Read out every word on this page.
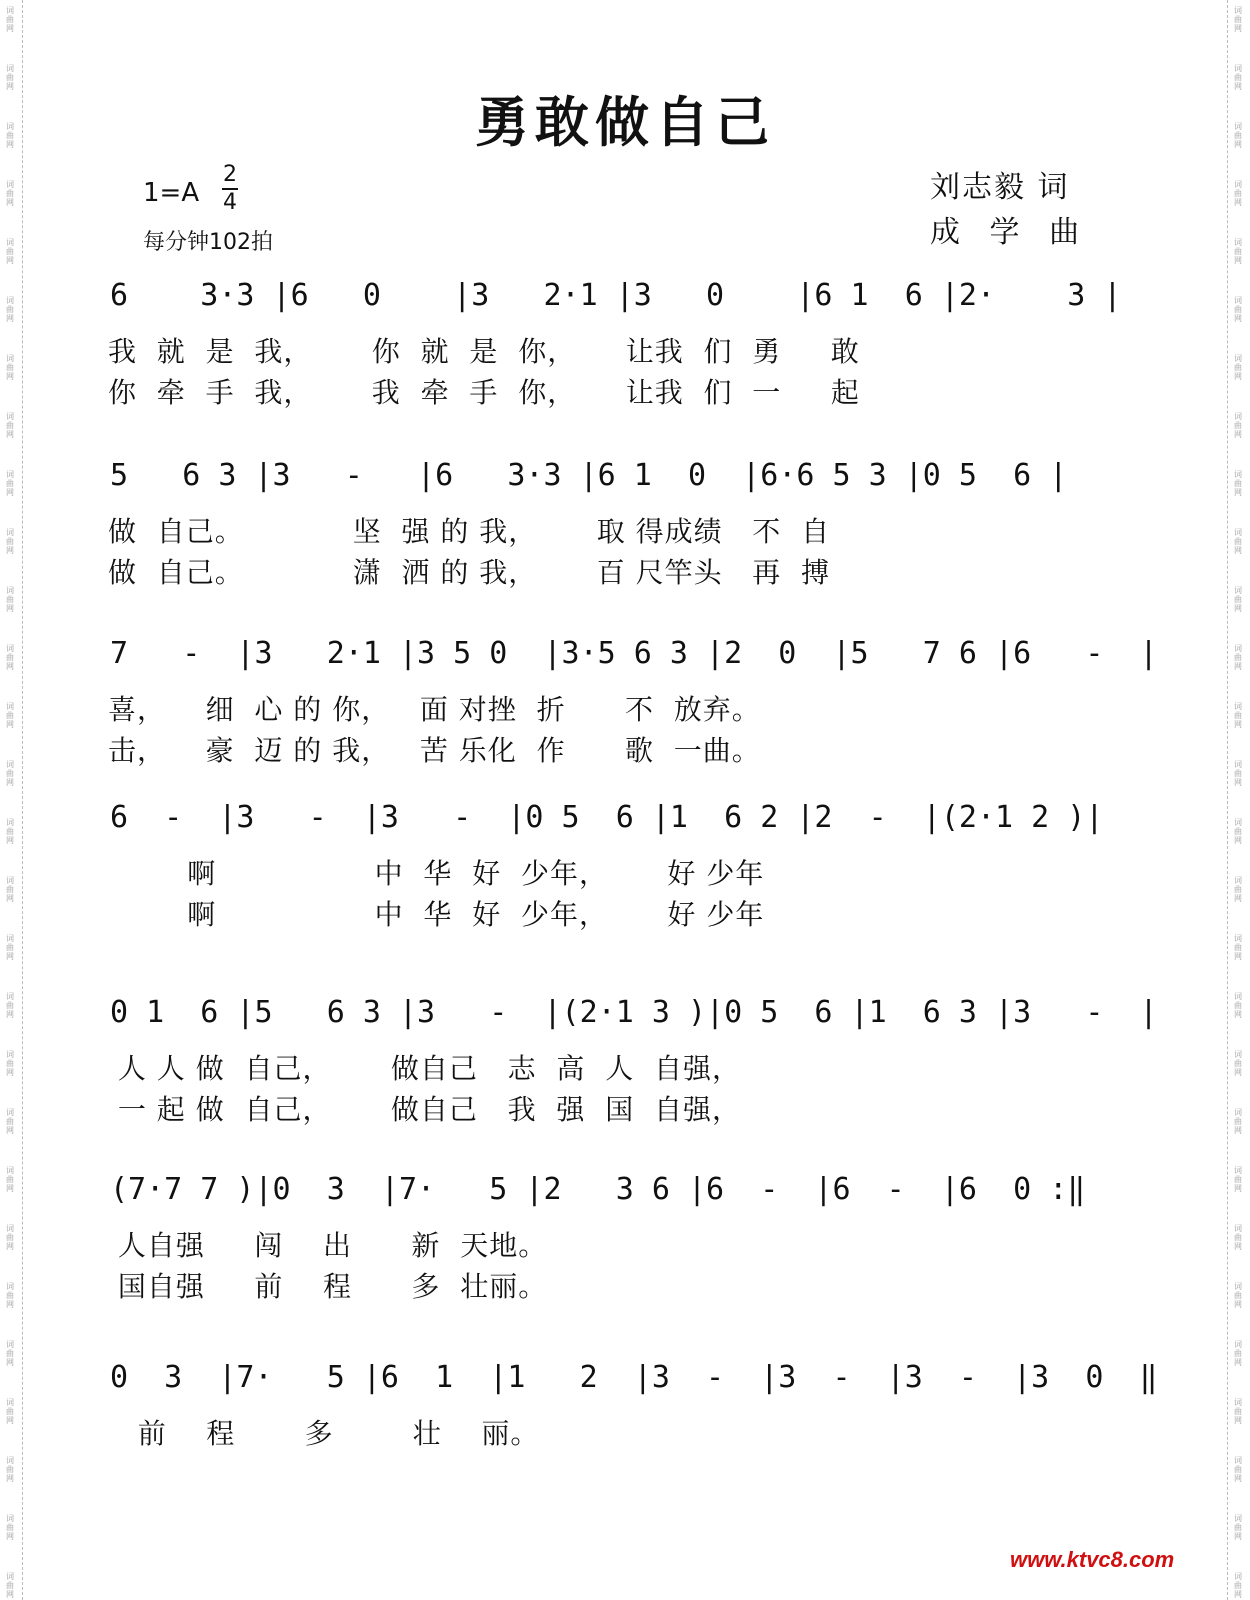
词
曲
网
词
曲
网
词
曲
网
词
曲
网
词
曲
网
词
曲
网
词
曲
网
词
曲
网
词
曲
网
词
曲
网
词
曲
网
词
曲
网
词
曲
网
词
曲
网
词
曲
网
词
曲
网
词
曲
网
词
曲
网
词
曲
网
词
曲
网
词
曲
网
词
曲
网
词
曲
网
词
曲
网
词
曲
网
词
曲
网
词
曲
网
词
曲
网
词
曲
网
词
曲
网
词
曲
网
词
曲
网
词
曲
网
词
曲
网
词
曲
网
词
曲
网
词
曲
网
词
曲
网
词
曲
网
词
曲
网
词
曲
网
词
曲
网
词
曲
网
词
曲
网
词
曲
网
词
曲
网
词
曲
网
词
曲
网
词
曲
网
词
曲
网
词
曲
网
词
曲
网
词
曲
网
词
曲
网
词
曲
网
词
曲
网
勇敢做自己
1=A
2
4
每分钟102拍
刘志毅 词
成 学 曲
6    3·3 |6   0    |3   2·1 |3   0    |6 1  6 |2·    3 |
我  就  是  我，      你  就  是  你，     让我  们  勇     敢
你  牵  手  我，      我  牵  手  你，     让我  们  一     起
5   6 3 |3   -   |6   3·3 |6 1  0  |6·6 5 3 |0 5  6 |
做  自己。           坚  强 的 我，      取 得成绩   不  自
做  自己。           潇  洒 的 我，      百 尺竿头   再  搏
7   -  |3   2·1 |3 5 0  |3·5 6 3 |2  0  |5   7 6 |6   -  |
喜，    细  心 的 你，   面 对挫  折      不  放弃。
击，    豪  迈 的 我，   苦 乐化  作      歌  一曲。
6  -  |3   -  |3   -  |0 5  6 |1  6 2 |2  -  |(2·1 2 )|
啊                中  华  好  少年，      好 少年
啊                中  华  好  少年，      好 少年
0 1  6 |5   6 3 |3   -  |(2·1 3 )|0 5  6 |1  6 3 |3   -  |
人 人 做  自己，      做自己   志  高  人  自强，
一 起 做  自己，      做自己   我  强  国  自强，
(7·7 7 )|0  3  |7·   5 |2   3 6 |6  -  |6  -  |6  0 :‖
人自强     闯    出      新  天地。
国自强     前    程      多  壮丽。
0  3  |7·   5 |6  1  |1   2  |3  -  |3  -  |3  -  |3  0  ‖
前    程       多        壮    丽。
www.ktvc8.com
